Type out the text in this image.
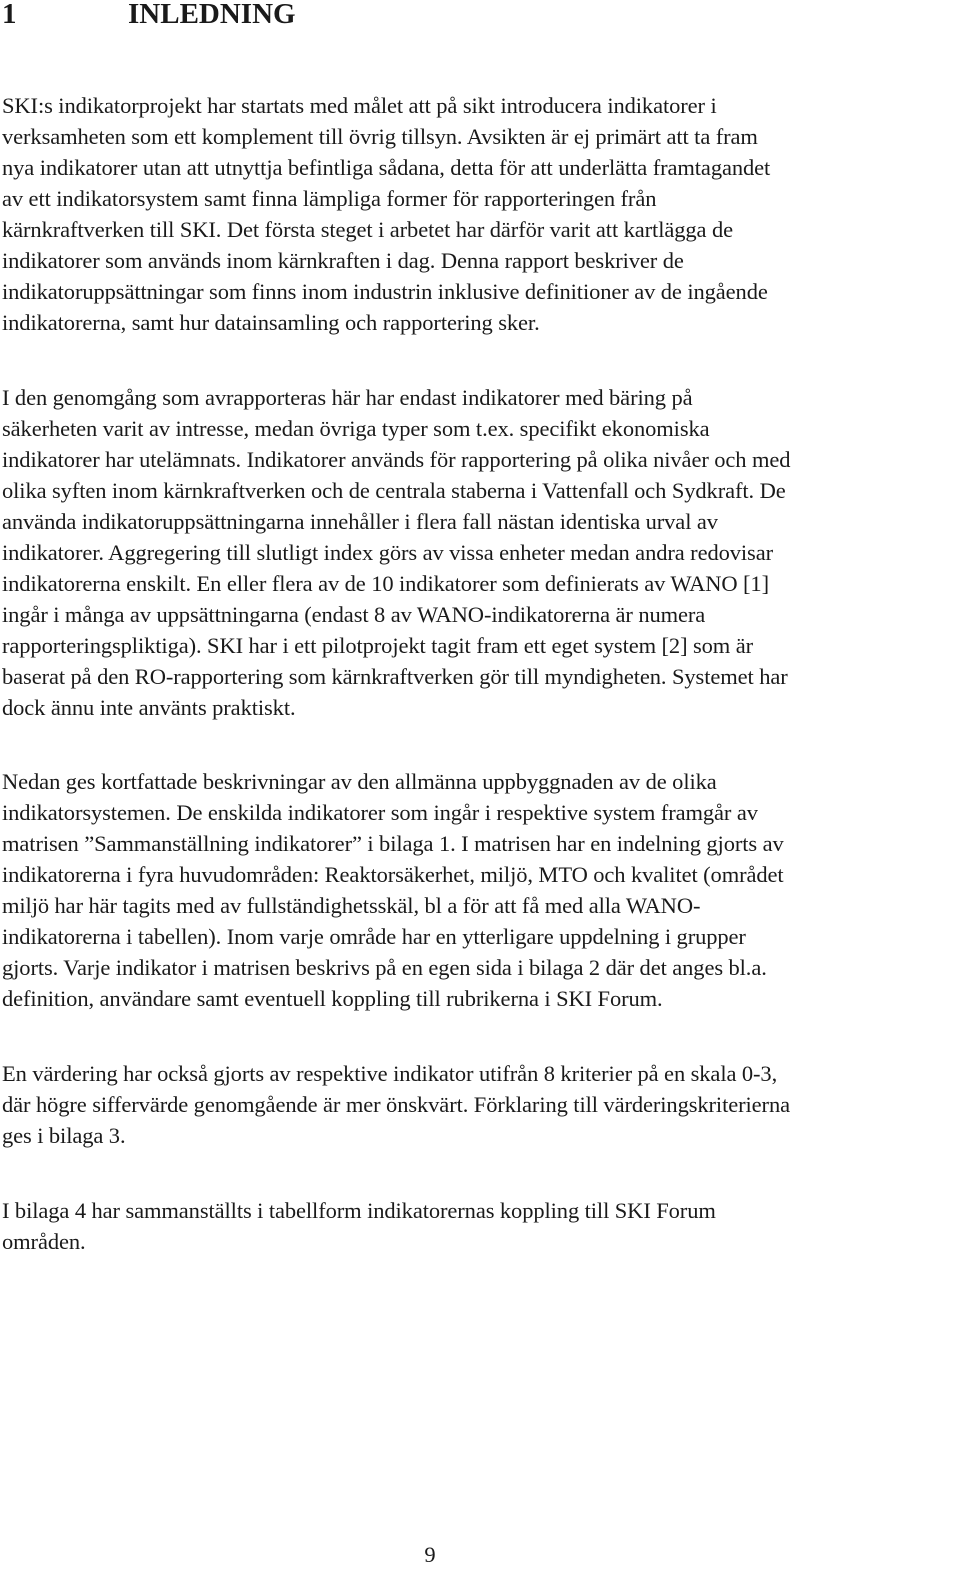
1	INLEDNING
SKI:s indikatorprojekt har startats med målet att på sikt introducera indikatorer i
verksamheten som ett komplement till övrig tillsyn. Avsikten är ej primärt att ta fram
nya indikatorer utan att utnyttja befintliga sådana, detta för att underlätta framtagandet
av ett indikatorsystem samt finna lämpliga former för rapporteringen från
kärnkraftverken till SKI. Det första steget i arbetet har därför varit att kartlägga de
indikatorer som används inom kärnkraften i dag. Denna rapport beskriver de
indikatoruppsättningar som finns inom industrin inklusive definitioner av de ingående
indikatorerna, samt hur datainsamling och rapportering sker.
I den genomgång som avrapporteras här har endast indikatorer med bäring på
säkerheten varit av intresse, medan övriga typer som t.ex. specifikt ekonomiska
indikatorer har utelämnats. Indikatorer används för rapportering på olika nivåer och med
olika syften inom kärnkraftverken och de centrala staberna i Vattenfall och Sydkraft. De
använda indikatoruppsättningarna innehåller i flera fall nästan identiska urval av
indikatorer. Aggregering till slutligt index görs av vissa enheter medan andra redovisar
indikatorerna enskilt. En eller flera av de 10 indikatorer som definierats av WANO [1]
ingår i många av uppsättningarna (endast 8 av WANO-indikatorerna är numera
rapporteringspliktiga). SKI har i ett pilotprojekt tagit fram ett eget system [2] som är
baserat på den RO-rapportering som kärnkraftverken gör till myndigheten. Systemet har
dock ännu inte använts praktiskt.
Nedan ges kortfattade beskrivningar av den allmänna uppbyggnaden av de olika
indikatorsystemen. De enskilda indikatorer som ingår i respektive system framgår av
matrisen ”Sammanställning indikatorer” i bilaga 1. I matrisen har en indelning gjorts av
indikatorerna i fyra huvudområden: Reaktorsäkerhet, miljö, MTO och kvalitet (området
miljö har här tagits med av fullständighetsskäl, bl a för att få med alla WANO-
indikatorerna i tabellen). Inom varje område har en ytterligare uppdelning i grupper
gjorts. Varje indikator i matrisen beskrivs på en egen sida i bilaga 2 där det anges bl.a.
definition, användare samt eventuell koppling till rubrikerna i SKI Forum.
En värdering har också gjorts av respektive indikator utifrån 8 kriterier på en skala 0-3,
där högre siffervärde genomgående är mer önskvärt. Förklaring till värderingskriterierna
ges i bilaga 3.
I bilaga 4 har sammanställts i tabellform indikatorernas koppling till SKI Forum
områden.
9
